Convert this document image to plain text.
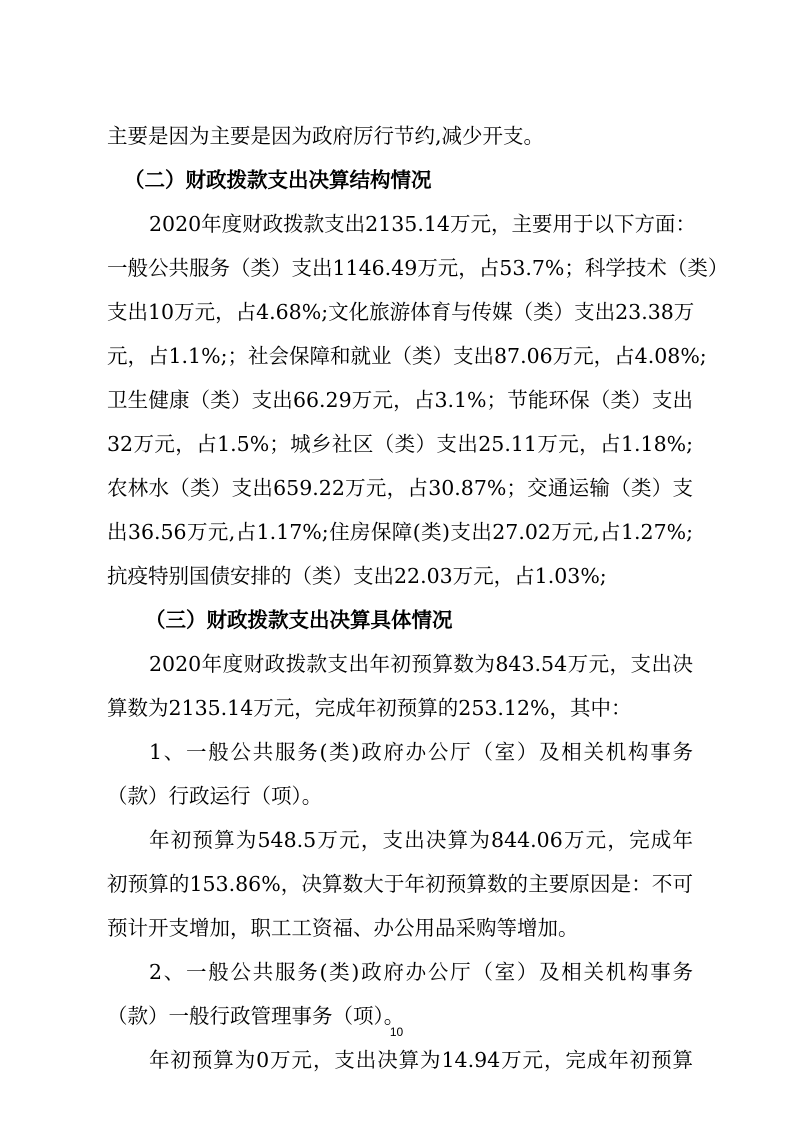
主要是因为主要是因为政府厉行节约,减少开支。

（二）财政拨款支出决算结构情况

2020年度财政拨款支出2135.14万元，主要用于以下方面：

一般公共服务（类）支出1146.49万元，占53.7%；科学技术（类）

支出10万元，占4.68%;文化旅游体育与传媒（类）支出23.38万

元，占1.1%;；社会保障和就业（类）支出87.06万元，占4.08%;

卫生健康（类）支出66.29万元，占3.1%；节能环保（类）支出

32万元，占1.5%；城乡社区（类）支出25.11万元，占1.18%;

农林水（类）支出659.22万元，占30.87%；交通运输（类）支

出36.56万元,占1.17%;住房保障(类)支出27.02万元,占1.27%;

抗疫特别国债安排的（类）支出22.03万元，占1.03%;

（三）财政拨款支出决算具体情况

2020年度财政拨款支出年初预算数为843.54万元，支出决

算数为2135.14万元，完成年初预算的253.12%，其中：

1、一般公共服务(类)政府办公厅（室）及相关机构事务

（款）行政运行（项）。

年初预算为548.5万元，支出决算为844.06万元，完成年

初预算的153.86%，决算数大于年初预算数的主要原因是：不可

预计开支增加，职工工资福、办公用品采购等增加。

2、一般公共服务(类)政府办公厅（室）及相关机构事务

（款）一般行政管理事务（项）。

年初预算为0万元，支出决算为14.94万元，完成年初预算

10
